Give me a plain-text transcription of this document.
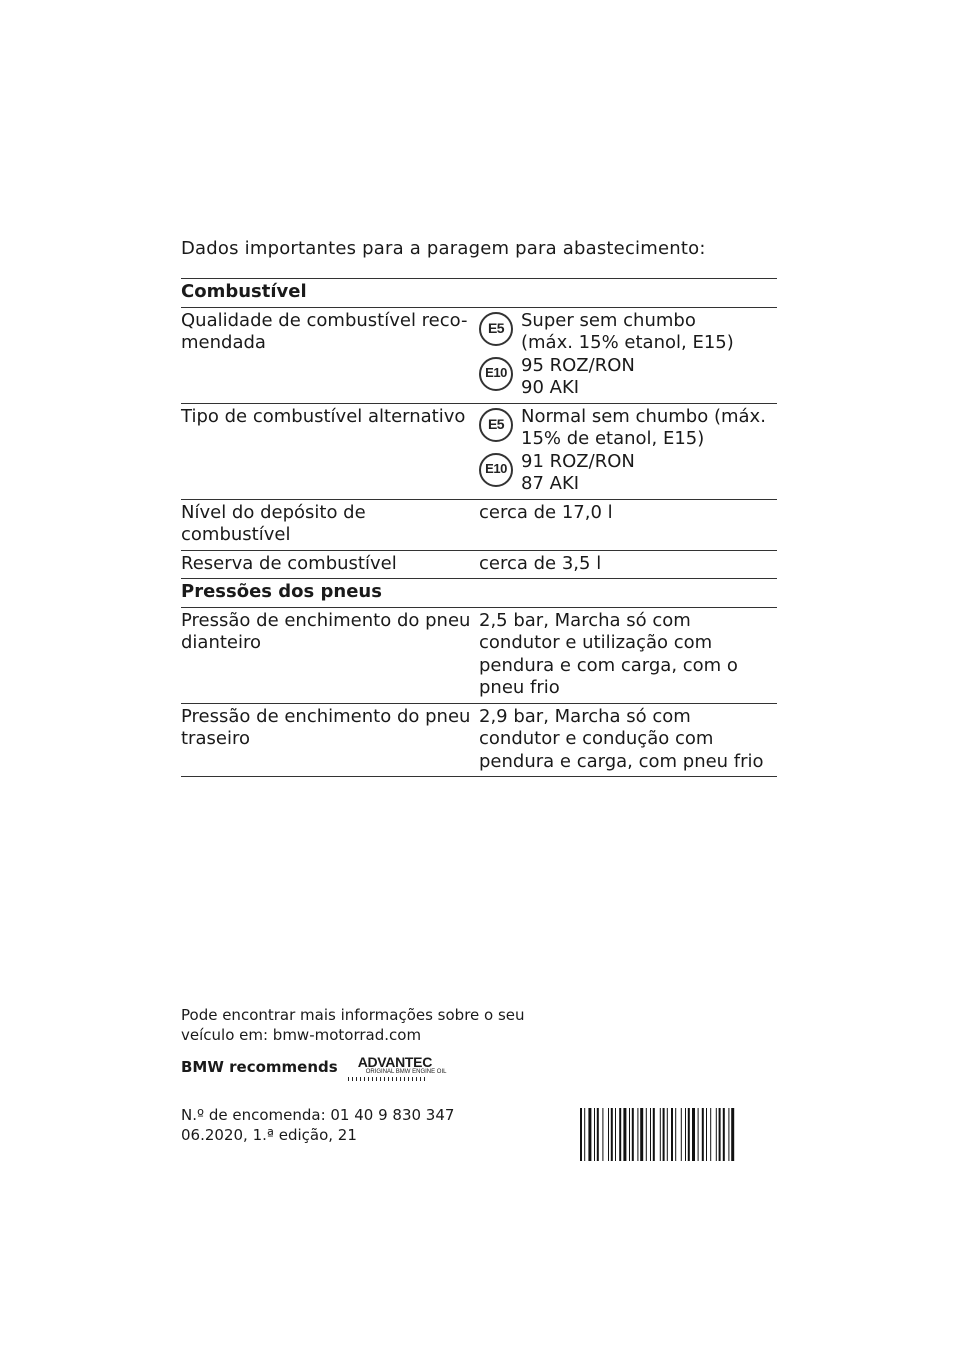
Dados importantes para a paragem para abastecimento:
Combustível
Qualidade de combustível reco-mendada
E5 Super sem chumbo
(máx. 15% etanol, E15)
E10 95 ROZ/RON
90 AKI
Tipo de combustível alternativo	E5 Normal sem chumbo (máx.
15% de etanol, E15)
E10 91 ROZ/RON
87 AKI
Nível do depósito de combustível
cerca de 17,0 l
Reserva de combustível	cerca de 3,5 l
Pressões dos pneus
Pressão de enchimento do pneu dianteiro
2,5 bar, Marcha só com condutor e utilização com pendura e com carga, com o pneu frio
Pressão de enchimento do pneu traseiro
2,9 bar, Marcha só com condutor e condução com pendura e carga, com pneu frio
Pode encontrar mais informações sobre o seu
veículo em: bmw-motorrad.com
BMW recommends ADVANTEC
ORIGINAL BMW ENGINE OIL
N.º de encomenda: 01 40 9 830 347
06.2020, 1.ª edição, 21
